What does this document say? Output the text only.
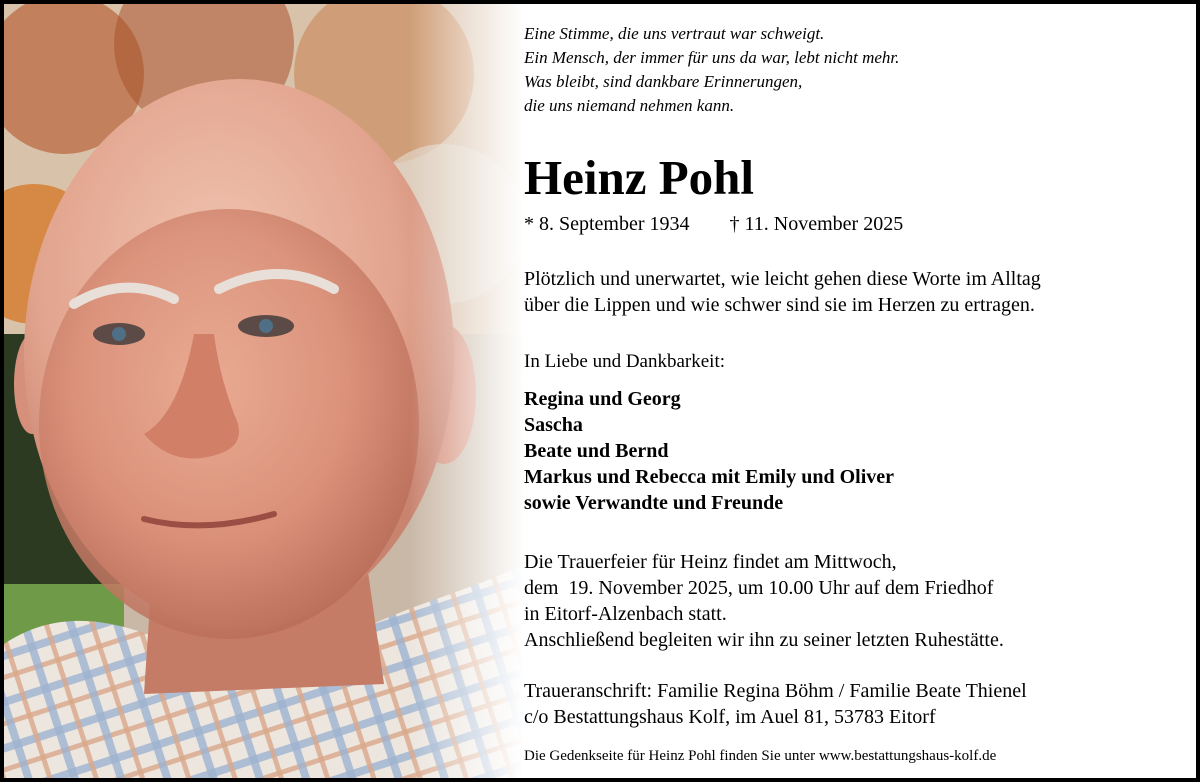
Eine Stimme, die uns vertraut war schweigt.
Ein Mensch, der immer für uns da war, lebt nicht mehr.
Was bleibt, sind dankbare Erinnerungen,
die uns niemand nehmen kann.
Heinz Pohl
* 8. September 1934 † 11. November 2025
Plötzlich und unerwartet, wie leicht gehen diese Worte im Alltag
über die Lippen und wie schwer sind sie im Herzen zu ertragen.
In Liebe und Dankbarkeit:
Regina und Georg
Sascha
Beate und Bernd
Markus und Rebecca mit Emily und Oliver
sowie Verwandte und Freunde
Die Trauerfeier für Heinz findet am Mittwoch,
dem  19. November 2025, um 10.00 Uhr auf dem Friedhof
in Eitorf-Alzenbach statt.
Anschließend begleiten wir ihn zu seiner letzten Ruhestätte.
Traueranschrift: Familie Regina Böhm / Familie Beate Thienel
c/o Bestattungshaus Kolf, im Auel 81, 53783 Eitorf
Die Gedenkseite für Heinz Pohl finden Sie unter www.bestattungshaus-kolf.de
